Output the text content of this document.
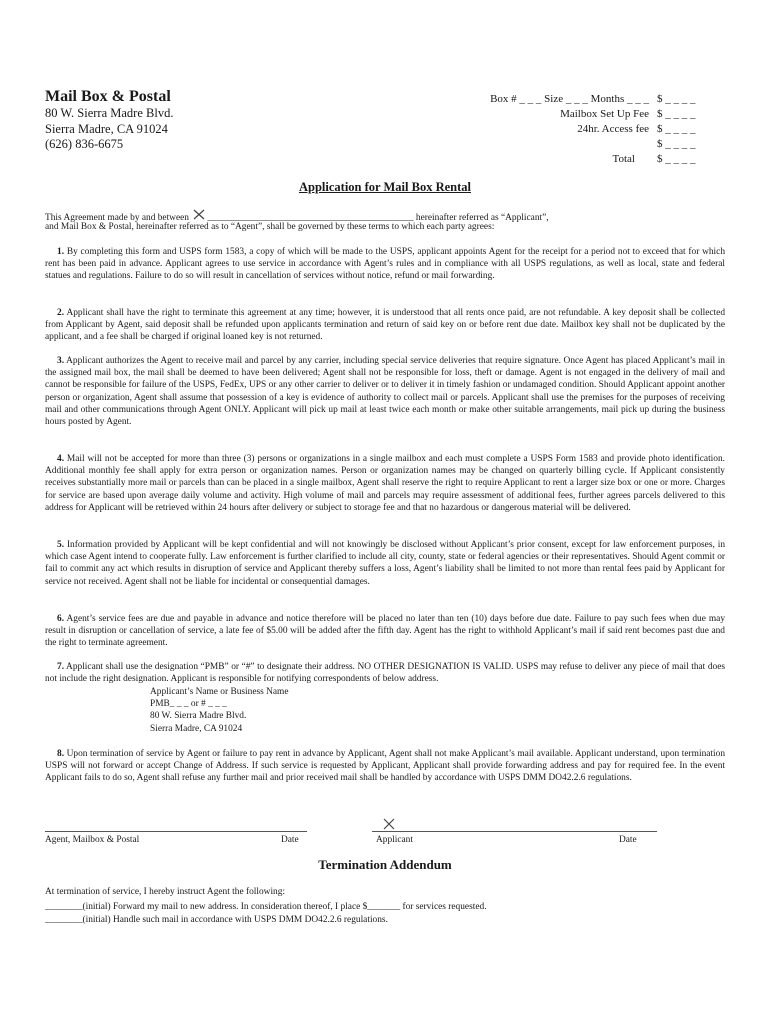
Mail Box & Postal
80 W. Sierra Madre Blvd.
Sierra Madre, CA 91024
(626) 836-6675
Box # _ _ _ Size _ _ _ Months _ _ _ $ _ _ _ _
Mailbox Set Up Fee $ _ _ _ _
24hr. Access fee $ _ _ _ _
$ _ _ _ _
Total	$ _ _ _ _
Application for Mail Box Rental
This Agreement made by and between ____________________________________________ hereinafter referred as “Applicant”,
and Mail Box & Postal, hereinafter referred as to “Agent”, shall be governed by these terms to which each party agrees:
1. By completing this form and USPS form 1583, a copy of which will be made to the USPS, applicant appoints Agent for the receipt for a period not to exceed that for which rent has been paid in advance. Applicant agrees to use service in accordance with Agent’s rules and in compliance with all USPS regulations, as well as local, state and federal statues and regulations. Failure to do so will result in cancellation of services without notice, refund or mail forwarding.
2. Applicant shall have the right to terminate this agreement at any time; however, it is understood that all rents once paid, are not refundable. A key deposit shall be collected from Applicant by Agent, said deposit shall be refunded upon applicants termination and return of said key on or before rent due date. Mailbox key shall not be duplicated by the applicant, and a fee shall be charged if original loaned key is not returned.
3. Applicant authorizes the Agent to receive mail and parcel by any carrier, including special service deliveries that require signature. Once Agent has placed Applicant’s mail in the assigned mail box, the mail shall be deemed to have been delivered; Agent shall not be responsible for loss, theft or damage. Agent is not engaged in the delivery of mail and cannot be responsible for failure of the USPS, FedEx, UPS or any other carrier to deliver or to deliver it in timely fashion or undamaged condition. Should Applicant appoint another person or organization, Agent shall assume that possession of a key is evidence of authority to collect mail or parcels. Applicant shall use the premises for the purposes of receiving mail and other communications through Agent ONLY. Applicant will pick up mail at least twice each month or make other suitable arrangements, mail pick up during the business hours posted by Agent.
4. Mail will not be accepted for more than three (3) persons or organizations in a single mailbox and each must complete a USPS Form 1583 and provide photo identification. Additional monthly fee shall apply for extra person or organization names. Person or organization names may be changed on quarterly billing cycle. If Applicant consistently receives substantially more mail or parcels than can be placed in a single mailbox, Agent shall reserve the right to require Applicant to rent a larger size box or one or more. Charges for service are based upon average daily volume and activity. High volume of mail and parcels may require assessment of additional fees, further agrees parcels delivered to this address for Applicant will be retrieved within 24 hours after delivery or subject to storage fee and that no hazardous or dangerous material will be delivered.
5. Information provided by Applicant will be kept confidential and will not knowingly be disclosed without Applicant’s prior consent, except for law enforcement purposes, in which case Agent intend to cooperate fully. Law enforcement is further clarified to include all city, county, state or federal agencies or their representatives. Should Agent commit or fail to commit any act which results in disruption of service and Applicant thereby suffers a loss, Agent’s liability shall be limited to not more than rental fees paid by Applicant for service not received. Agent shall not be liable for incidental or consequential damages.
6. Agent’s service fees are due and payable in advance and notice therefore will be placed no later than ten (10) days before due date. Failure to pay such fees when due may result in disruption or cancellation of service, a late fee of $5.00 will be added after the fifth day. Agent has the right to withhold Applicant’s mail if said rent becomes past due and the right to terminate agreement.
7. Applicant shall use the designation “PMB” or “#” to designate their address. NO OTHER DESIGNATION IS VALID. USPS may refuse to deliver any piece of mail that does not include the right designation. Applicant is responsible for notifying correspondents of below address.
Applicant’s Name or Business Name
PMB_ _ _ or # _ _ _
80 W. Sierra Madre Blvd.
Sierra Madre, CA 91024
8. Upon termination of service by Agent or failure to pay rent in advance by Applicant, Agent shall not make Applicant’s mail available. Applicant understand, upon termination USPS will not forward or accept Change of Address. If such service is requested by Applicant, Applicant shall provide forwarding address and pay for required fee. In the event Applicant fails to do so, Agent shall refuse any further mail and prior received mail shall be handled by accordance with USPS DMM DO42.2.6 regulations.
Agent, Mailbox & Postal	Date	Applicant	Date
Termination Addendum
At termination of service, I hereby instruct Agent the following:
________(initial) Forward my mail to new address. In consideration thereof, I place $_______ for services requested.
________(initial) Handle such mail in accordance with USPS DMM DO42.2.6 regulations.
